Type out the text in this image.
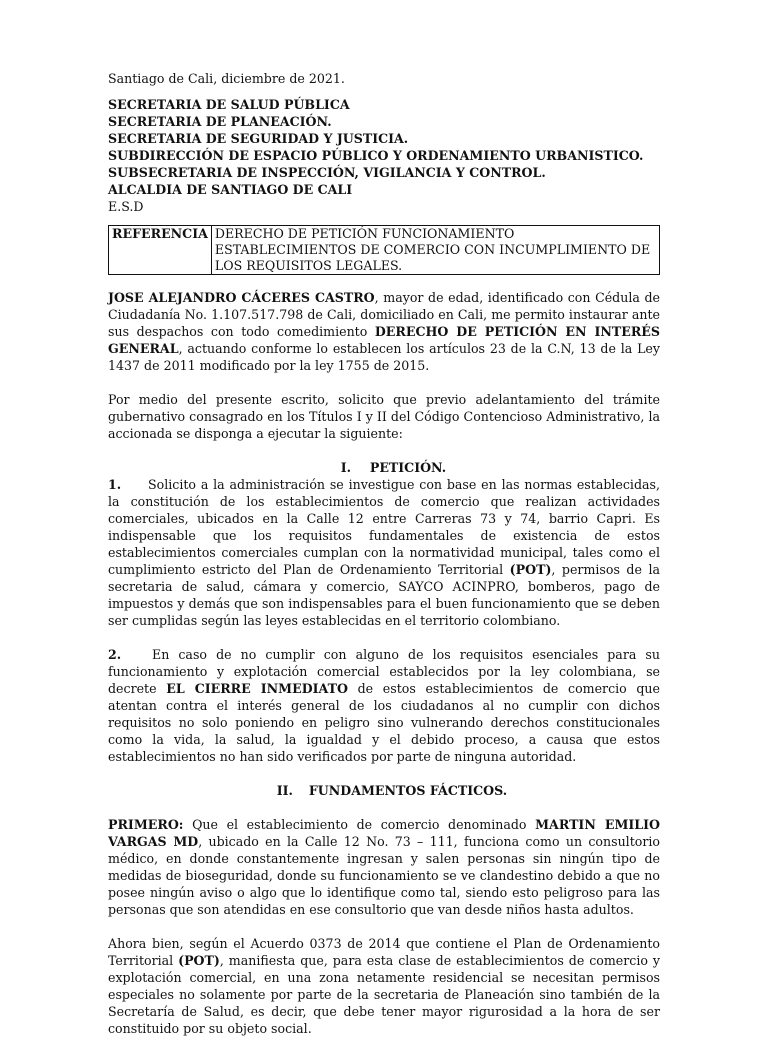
Santiago de Cali, diciembre de 2021.
SECRETARIA DE SALUD PÚBLICA
SECRETARIA DE PLANEACIÓN.
SECRETARIA DE SEGURIDAD Y JUSTICIA.
SUBDIRECCIÓN DE ESPACIO PÚBLICO Y ORDENAMIENTO URBANISTICO.
SUBSECRETARIA DE INSPECCIÓN, VIGILANCIA Y CONTROL.
ALCALDIA DE SANTIAGO DE CALI
E.S.D
REFERENCIA	DERECHO DE PETICIÓN FUNCIONAMIENTO ESTABLECIMIENTOS DE COMERCIO CON INCUMPLIMIENTO DE LOS REQUISITOS LEGALES.

JOSE ALEJANDRO CÁCERES CASTRO, mayor de edad, identificado con Cédula de Ciudadanía No. 1.107.517.798 de Cali, domiciliado en Cali, me permito instaurar ante sus despachos con todo comedimiento DERECHO DE PETICIÓN EN INTERÉS GENERAL, actuando conforme lo establecen los artículos 23 de la C.N, 13 de la Ley 1437 de 2011 modificado por la ley 1755 de 2015.

Por medio del presente escrito, solicito que previo adelantamiento del trámite gubernativo consagrado en los Títulos I y II del Código Contencioso Administrativo, la accionada se disponga a ejecutar la siguiente:

I. PETICIÓN.

1. Solicito a la administración se investigue con base en las normas establecidas, la constitución de los establecimientos de comercio que realizan actividades comerciales, ubicados en la Calle 12 entre Carreras 73 y 74, barrio Capri. Es indispensable que los requisitos fundamentales de existencia de estos establecimientos comerciales cumplan con la normatividad municipal, tales como el cumplimiento estricto del Plan de Ordenamiento Territorial (POT), permisos de la secretaria de salud, cámara y comercio, SAYCO ACINPRO, bomberos, pago de impuestos y demás que son indispensables para el buen funcionamiento que se deben ser cumplidas según las leyes establecidas en el territorio colombiano.

2. En caso de no cumplir con alguno de los requisitos esenciales para su funcionamiento y explotación comercial establecidos por la ley colombiana, se decrete EL CIERRE INMEDIATO de estos establecimientos de comercio que atentan contra el interés general de los ciudadanos al no cumplir con dichos requisitos no solo poniendo en peligro sino vulnerando derechos constitucionales como la vida, la salud, la igualdad y el debido proceso, a causa que estos establecimientos no han sido verificados por parte de ninguna autoridad.

II. FUNDAMENTOS FÁCTICOS.

PRIMERO: Que el establecimiento de comercio denominado MARTIN EMILIO VARGAS MD, ubicado en la Calle 12 No. 73 – 111, funciona como un consultorio médico, en donde constantemente ingresan y salen personas sin ningún tipo de medidas de bioseguridad, donde su funcionamiento se ve clandestino debido a que no posee ningún aviso o algo que lo identifique como tal, siendo esto peligroso para las personas que son atendidas en ese consultorio que van desde niños hasta adultos.

Ahora bien, según el Acuerdo 0373 de 2014 que contiene el Plan de Ordenamiento Territorial (POT), manifiesta que, para esta clase de establecimientos de comercio y explotación comercial, en una zona netamente residencial se necesitan permisos especiales no solamente por parte de la secretaria de Planeación sino también de la Secretaría de Salud, es decir, que debe tener mayor rigurosidad a la hora de ser constituido por su objeto social.
